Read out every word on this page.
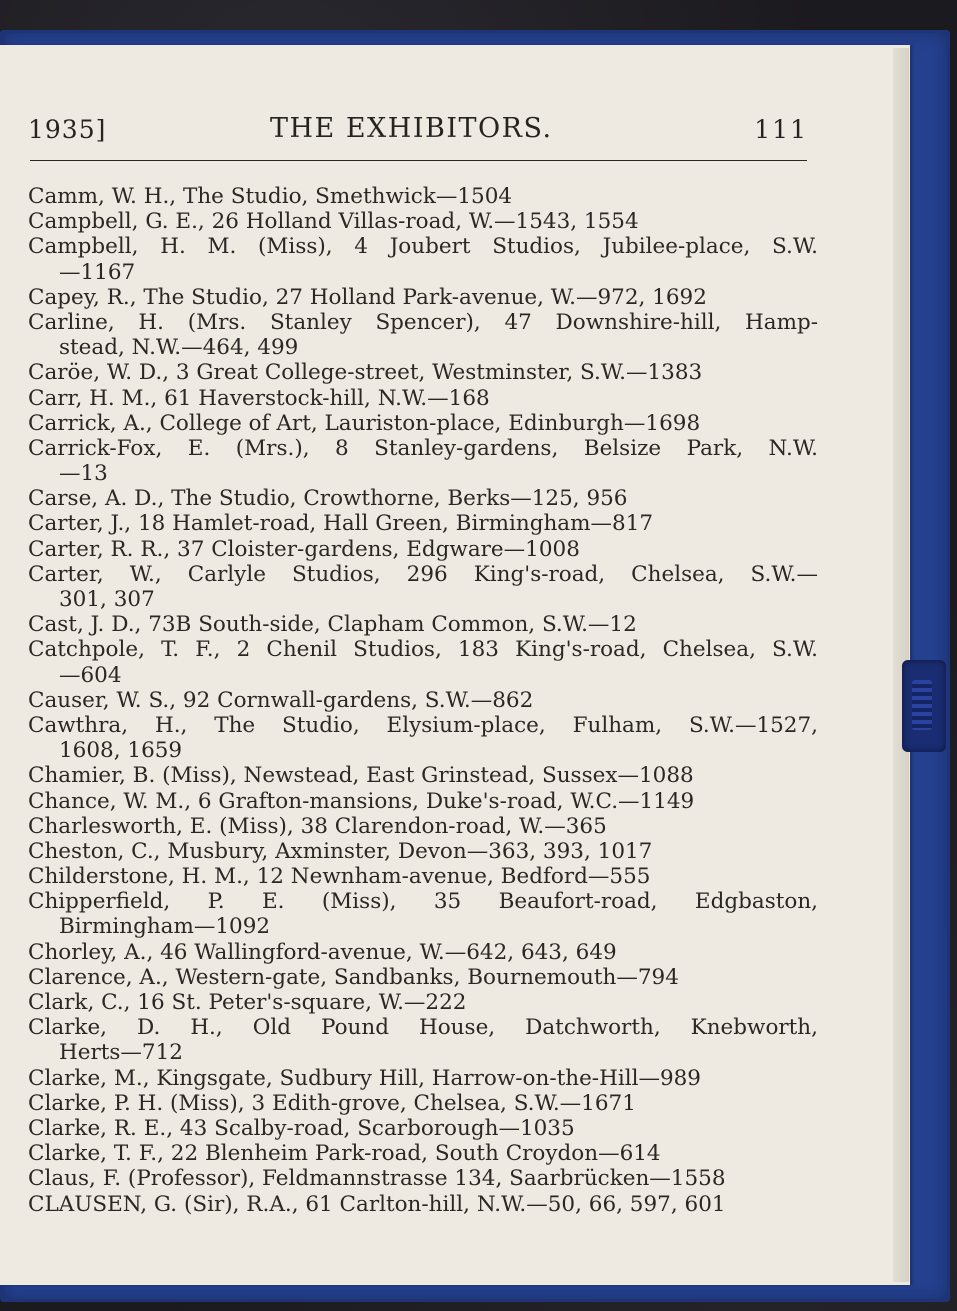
1935]	THE EXHIBITORS.	111
Camm, W. H., The Studio, Smethwick—1504
Campbell, G. E., 26 Holland Villas-road, W.—1543, 1554
Campbell, H. M. (Miss), 4 Joubert Studios, Jubilee-place, S.W.
—1167
Capey, R., The Studio, 27 Holland Park-avenue, W.—972, 1692
Carline, H. (Mrs. Stanley Spencer), 47 Downshire-hill, Hamp-
stead, N.W.—464, 499
Caröe, W. D., 3 Great College-street, Westminster, S.W.—1383
Carr, H. M., 61 Haverstock-hill, N.W.—168
Carrick, A., College of Art, Lauriston-place, Edinburgh—1698
Carrick-Fox, E. (Mrs.), 8 Stanley-gardens, Belsize Park, N.W.
—13
Carse, A. D., The Studio, Crowthorne, Berks—125, 956
Carter, J., 18 Hamlet-road, Hall Green, Birmingham—817
Carter, R. R., 37 Cloister-gardens, Edgware—1008
Carter, W., Carlyle Studios, 296 King's-road, Chelsea, S.W.—
301, 307
Cast, J. D., 73B South-side, Clapham Common, S.W.—12
Catchpole, T. F., 2 Chenil Studios, 183 King's-road, Chelsea, S.W.
—604
Causer, W. S., 92 Cornwall-gardens, S.W.—862
Cawthra, H., The Studio, Elysium-place, Fulham, S.W.—1527,
1608, 1659
Chamier, B. (Miss), Newstead, East Grinstead, Sussex—1088
Chance, W. M., 6 Grafton-mansions, Duke's-road, W.C.—1149
Charlesworth, E. (Miss), 38 Clarendon-road, W.—365
Cheston, C., Musbury, Axminster, Devon—363, 393, 1017
Childerstone, H. M., 12 Newnham-avenue, Bedford—555
Chipperfield, P. E. (Miss), 35 Beaufort-road, Edgbaston,
Birmingham—1092
Chorley, A., 46 Wallingford-avenue, W.—642, 643, 649
Clarence, A., Western-gate, Sandbanks, Bournemouth—794
Clark, C., 16 St. Peter's-square, W.—222
Clarke, D. H., Old Pound House, Datchworth, Knebworth,
Herts—712
Clarke, M., Kingsgate, Sudbury Hill, Harrow-on-the-Hill—989
Clarke, P. H. (Miss), 3 Edith-grove, Chelsea, S.W.—1671
Clarke, R. E., 43 Scalby-road, Scarborough—1035
Clarke, T. F., 22 Blenheim Park-road, South Croydon—614
Claus, F. (Professor), Feldmannstrasse 134, Saarbrücken—1558
CLAUSEN, G. (Sir), R.A., 61 Carlton-hill, N.W.—50, 66, 597, 601
